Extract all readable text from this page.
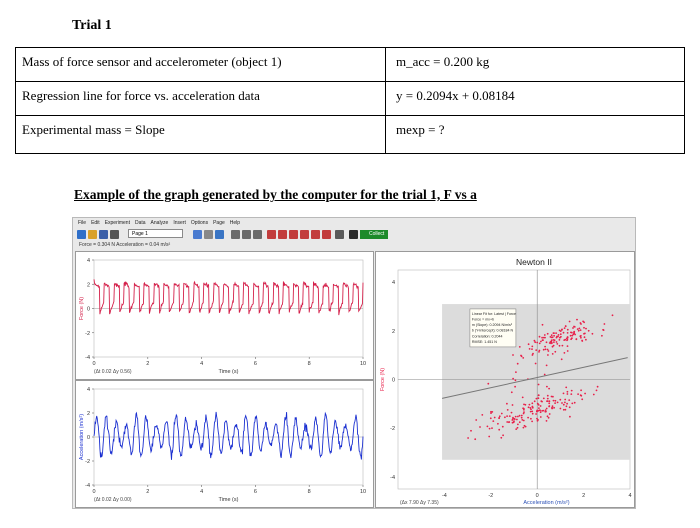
Trial 1
Mass of force sensor and accelerometer (object 1)	m_acc = 0.200 kg
Regression line for force vs. acceleration data	y = 0.2094x + 0.08184
Experimental mass = Slope	mexp = ?
Example of the graph generated by the computer for the trial 1, F vs a
File Edit Experiment Data Analyze Insert Options Page Help
Page 1	Collect
Force = 0.304 N Acceleration = 0.04 m/s²
4
2
0
-2
-4
0	2	4	6	8	10
Time (s)
Force (N)
(Δt 0.02 Δy 0.56)
4
2
0
-2
-4
0	2	4	6	8	10
Time (s)
Acceleration (m/s²)
(Δt 0.02 Δy 0.00)
Newton II
4
2
0
-2
-4
-4	-2	0	2	4
Acceleration (m/s²)
Force (N)
(Δx 7.90 Δy 7.35)
Linear Fit for: Latest | Force
Force = mx+b
m (Slope): 0.2094 N/m/s²
b (Y-Intercept): 0.08184 N
Correlation: 0.2044
RMSE: 1.451 N
